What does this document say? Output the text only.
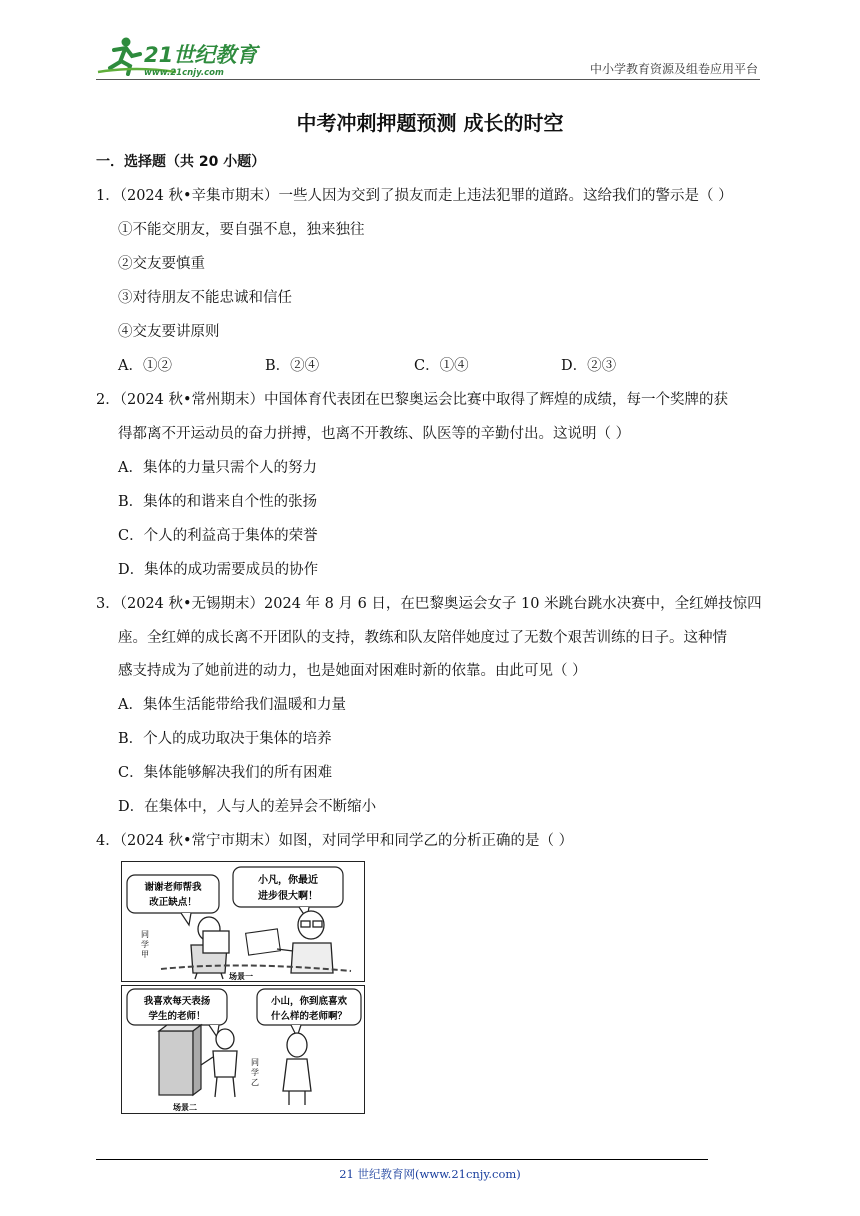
21世纪教育
www.21cnjy.com	中小学教育资源及组卷应用平台
中考冲刺押题预测 成长的时空
一．选择题（共 20 小题）
1．（2024 秋•辛集市期末）一些人因为交到了损友而走上违法犯罪的道路。这给我们的警示是（ ）
①不能交朋友，要自强不息，独来独往
②交友要慎重
③对待朋友不能忠诚和信任
④交友要讲原则
A．①②	B．②④	C．①④	D．②③
2．（2024 秋•常州期末）中国体育代表团在巴黎奥运会比赛中取得了辉煌的成绩，每一个奖牌的获
得都离不开运动员的奋力拼搏，也离不开教练、队医等的辛勤付出。这说明（ ）
A．集体的力量只需个人的努力
B．集体的和谐来自个性的张扬
C．个人的利益高于集体的荣誉
D．集体的成功需要成员的协作
3．（2024 秋•无锡期末）2024 年 8 月 6 日，在巴黎奥运会女子 10 米跳台跳水决赛中，全红婵技惊四
座。全红婵的成长离不开团队的支持，教练和队友陪伴她度过了无数个艰苦训练的日子。这种情
感支持成为了她前进的动力，也是她面对困难时新的依靠。由此可见（ ）
A．集体生活能带给我们温暖和力量
B．个人的成功取决于集体的培养
C．集体能够解决我们的所有困难
D．在集体中，人与人的差异会不断缩小
4．（2024 秋•常宁市期末）如图，对同学甲和同学乙的分析正确的是（ ）
谢谢老师帮我
改正缺点！
小凡，你最近
进步很大啊！
同
学
甲
场景一
我喜欢每天表扬
学生的老师！
小山，你到底喜欢
什么样的老师啊？
同
学
乙
场景二
21 世纪教育网(www.21cnjy.com)
